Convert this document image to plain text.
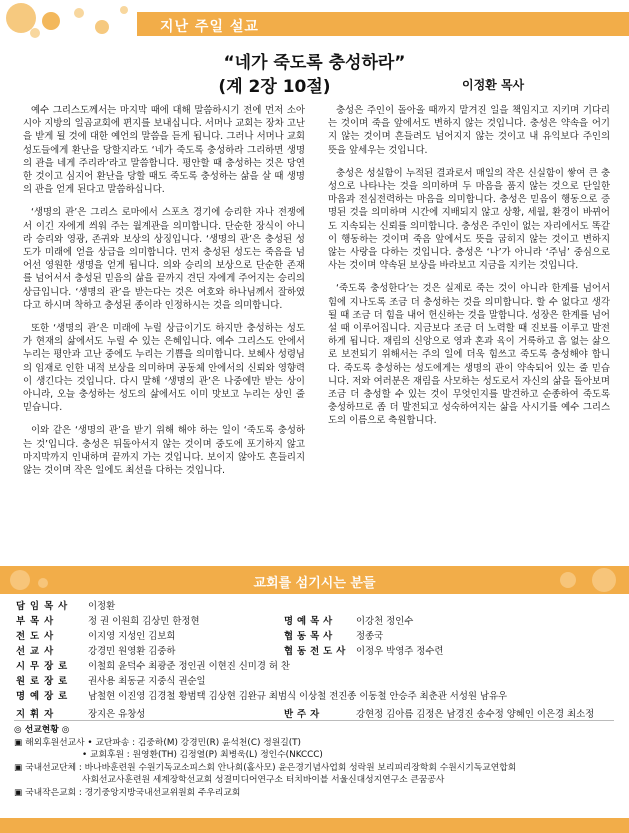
지난 주일 설교
“네가 죽도록 충성하라”
(계 2장 10절)	이정환 목사

예수 그리스도께서는 마지막 때에 대해 말씀하시기 전에 먼저 소아시아 지방의 일곱교회에 편지를 보내십니다. 서머나 교회는 장차 고난을 받게 될 것에 대한 예언의 말씀을 듣게 됩니다. 그러나 서머나 교회 성도들에게 환난을 당할지라도 ‘네가 죽도록 충성하라 그리하면 생명의 관을 네게 주리라’라고 말씀합니다. 평안할 때 충성하는 것은 당연한 것이고 심지어 환난을 당할 때도 죽도록 충성하는 삶을 살 때 생명의 관을 얻게 된다고 말씀하십니다.

‘생명의 관’은 그리스 로마에서 스포츠 경기에 승리한 자나 전쟁에서 이긴 자에게 씌워 주는 월계관을 의미합니다. 단순한 장식이 아니라 승리와 영광, 존귀와 보상의 상징입니다. ‘생명의 관’은 충성된 성도가 미래에 얻을 상급을 의미합니다. 먼저 충성된 성도는 죽음을 넘어선 영원한 생명을 얻게 됩니다. 의와 승리의 보상으로 단순한 존재를 넘어서서 충성된 믿음의 삶을 끝까지 견딘 자에게 주어지는 승리의 상급입니다. ‘생명의 관’을 받는다는 것은 여호와 하나님께서 잘하였다고 하시며 착하고 충성된 종이라 인정하시는 것을 의미합니다.

또한 ‘생명의 관’은 미래에 누릴 상급이기도 하지만 충성하는 성도가 현재의 삶에서도 누릴 수 있는 은혜입니다. 예수 그리스도 안에서 누리는 평안과 고난 중에도 누리는 기쁨을 의미합니다. 보혜사 성령님의 임재로 인한 내적 보상을 의미하며 공동체 안에서의 신뢰와 영향력이 생긴다는 것입니다. 다시 말해 ‘생명의 관’은 나중에만 받는 상이 아니라, 오늘 충성하는 성도의 삶에서도 이미 맛보고 누리는 상인 줄 믿습니다.

이와 같은 ‘생명의 관’을 받기 위해 해야 하는 일이 ‘죽도록 충성하는 것’입니다. 충성은 뒤돌아서지 않는 것이며 중도에 포기하지 않고 마지막까지 인내하며 끝까지 가는 것입니다. 보이지 않아도 흔들리지 않는 것이며 작은 일에도 최선을 다하는 것입니다.

충성은 주인이 돌아올 때까지 맡겨진 일을 책임지고 지키며 기다리는 것이며 죽을 앞에서도 변하지 않는 것입니다. 충성은 약속을 어기지 않는 것이며 흔들려도 넘어지지 않는 것이고 내 유익보다 주인의 뜻을 앞세우는 것입니다.

충성은 성실함이 누적된 결과로서 매일의 작은 신실함이 쌓여 큰 충성으로 나타나는 것을 의미하며 두 마음을 품지 않는 것으로 단일한 마음과 전심전력하는 마음을 의미합니다. 충성은 믿음이 행동으로 증명된 것을 의미하며 시간에 지배되지 않고 상황, 세월, 환경이 바뀌어도 지속되는 신뢰를 의미합니다. 충성은 주인이 없는 자리에서도 똑같이 행동하는 것이며 죽음 앞에서도 뜻을 굽히지 않는 것이고 변하지 않는 사랑을 다하는 것입니다. 충성은 ‘나’가 아니라 ‘주님’ 중심으로 사는 것이며 약속된 보상을 바라보고 지금을 지키는 것입니다.

‘죽도록 충성한다’는 것은 실제로 죽는 것이 아니라 한계를 넘어서 힘에 지나도록 조금 더 충성하는 것을 의미합니다. 할 수 없다고 생각될 때 조금 더 힘을 내어 헌신하는 것을 말합니다. 성장은 한계를 넘어설 때 이루어집니다. 지금보다 조금 더 노력할 때 진보를 이루고 발전하게 됩니다. 재림의 신앙으로 영과 혼과 육이 거룩하고 흠 없는 삶으로 보전되기 위해서는 주의 일에 더욱 힘쓰고 죽도록 충성해야 합니다. 죽도록 충성하는 성도에게는 생명의 관이 약속되어 있는 줄 믿습니다. 저와 여러분은 재림을 사모하는 성도로서 자신의 삶을 돌아보며 조금 더 충성할 수 있는 것이 무엇인지를 발견하고 순종하여 죽도록 충성하므로 좀 더 발전되고 성숙하여지는 삶을 사시기를 예수 그리스도의 이름으로 축원합니다.

교회를 섬기시는 분들
담임목사 이정환
부목사	정 권 이원희 김상민 한정현	명예목사 이강천 정인수
전도사	이지영 지성인 김보희	협동목사 정종국
선교사	강경민 원영환 김중하	협동전도사 이정우 박영주 정수련
시무장로 이철희 윤덕수 최광준 정인권 이현진 신미경 허 찬
원로장로 권사용 최동균 지중식 권순일
명예장로 남철현 이진영 김경철 황범택 김상현 김완규 최범식 이상철 전진종 이동철 안승주 최춘관 서성원 남유우
지휘자	장지은 유창성	반주자	강현정 김아름 김정은 남경진 송수정 양혜인 이은경 최소정
◎ 선교현황 ◎
▣ 해외후원선교사 • 교단파송 : 김중하(M) 강경민(R) 윤석천(C) 정원길(T)
• 교회후원 : 원영환(TH) 김정열(P) 최병욱(L) 정인수(NKCCC)
▣ 국내선교단체 : 바나바훈련원 수원기독교소피스회 안나회(홀사모) 윤은경기념사업회 성락원 보리피리장학회 수원시기독교연합회
사회선교사훈련원 세계장학선교회 성결미디어연구소 터치바이블 서울신대성지연구소 큰꿈공사
▣ 국내작은교회 : 경기중앙지방국내선교위원회 주우리교회
